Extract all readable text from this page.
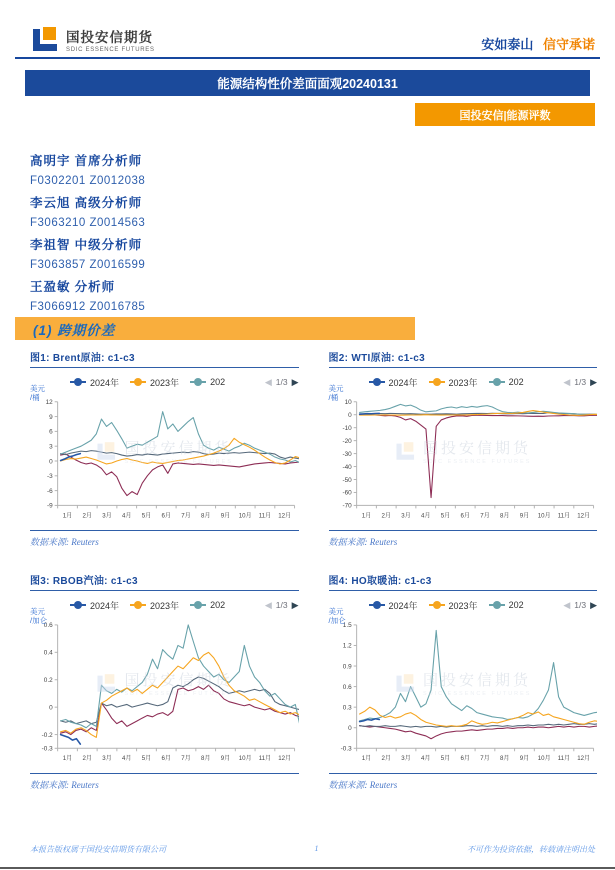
国投安信期货
SDIC ESSENCE FUTURES	安如泰山 信守承诺
能源结构性价差面面观20240131
国投安信|能源评数
高明宇 首席分析师
F0302201 Z0012038
李云旭 高级分析师
F3063210 Z0014563
李祖智 中级分析师
F3063857 Z0016599
王盈敏 分析师
F3066912 Z0016785
(1) 跨期价差
图1: Brent原油: c1-c3
2024年	2023年	202	◀ 1/3 ▶
美元
/桶
-9
-6
-3
0
3
6
9
12
1月 2月 3月 4月 5月 6月 7月 8月 9月 10月 11月 12月
国投安信期货
SDIC ESSENCE FUTURES
数据来源: Reuters
图2: WTI原油: c1-c3
2024年	2023年	202	◀ 1/3 ▶
美元
/桶
-70
-60
-50
-40
-30
-20
-10
0
10
1月 2月 3月 4月 5月 6月 7月 8月 9月 10月 11月 12月
国投安信期货
SDIC ESSENCE FUTURES
数据来源: Reuters
图3: RBOB汽油: c1-c3
2024年	2023年	202	◀ 1/3 ▶
美元
/加仑
-0.3
-0.2
0
0.2
0.4
0.6
1月 2月 3月 4月 5月 6月 7月 8月 9月 10月 11月 12月
国投安信期货
SDIC ESSENCE FUTURES
数据来源: Reuters
图4: HO取暖油: c1-c3
2024年	2023年	202	◀ 1/3 ▶
美元
/加仑
-0.3
0
0.3
0.6
0.9
1.2
1.5
1月 2月 3月 4月 5月 6月 7月 8月 9月 10月 11月 12月
国投安信期货
SDIC ESSENCE FUTURES
数据来源: Reuters
本报告版权属于国投安信期货有限公司	1	不可作为投资依据，转载请注明出处
